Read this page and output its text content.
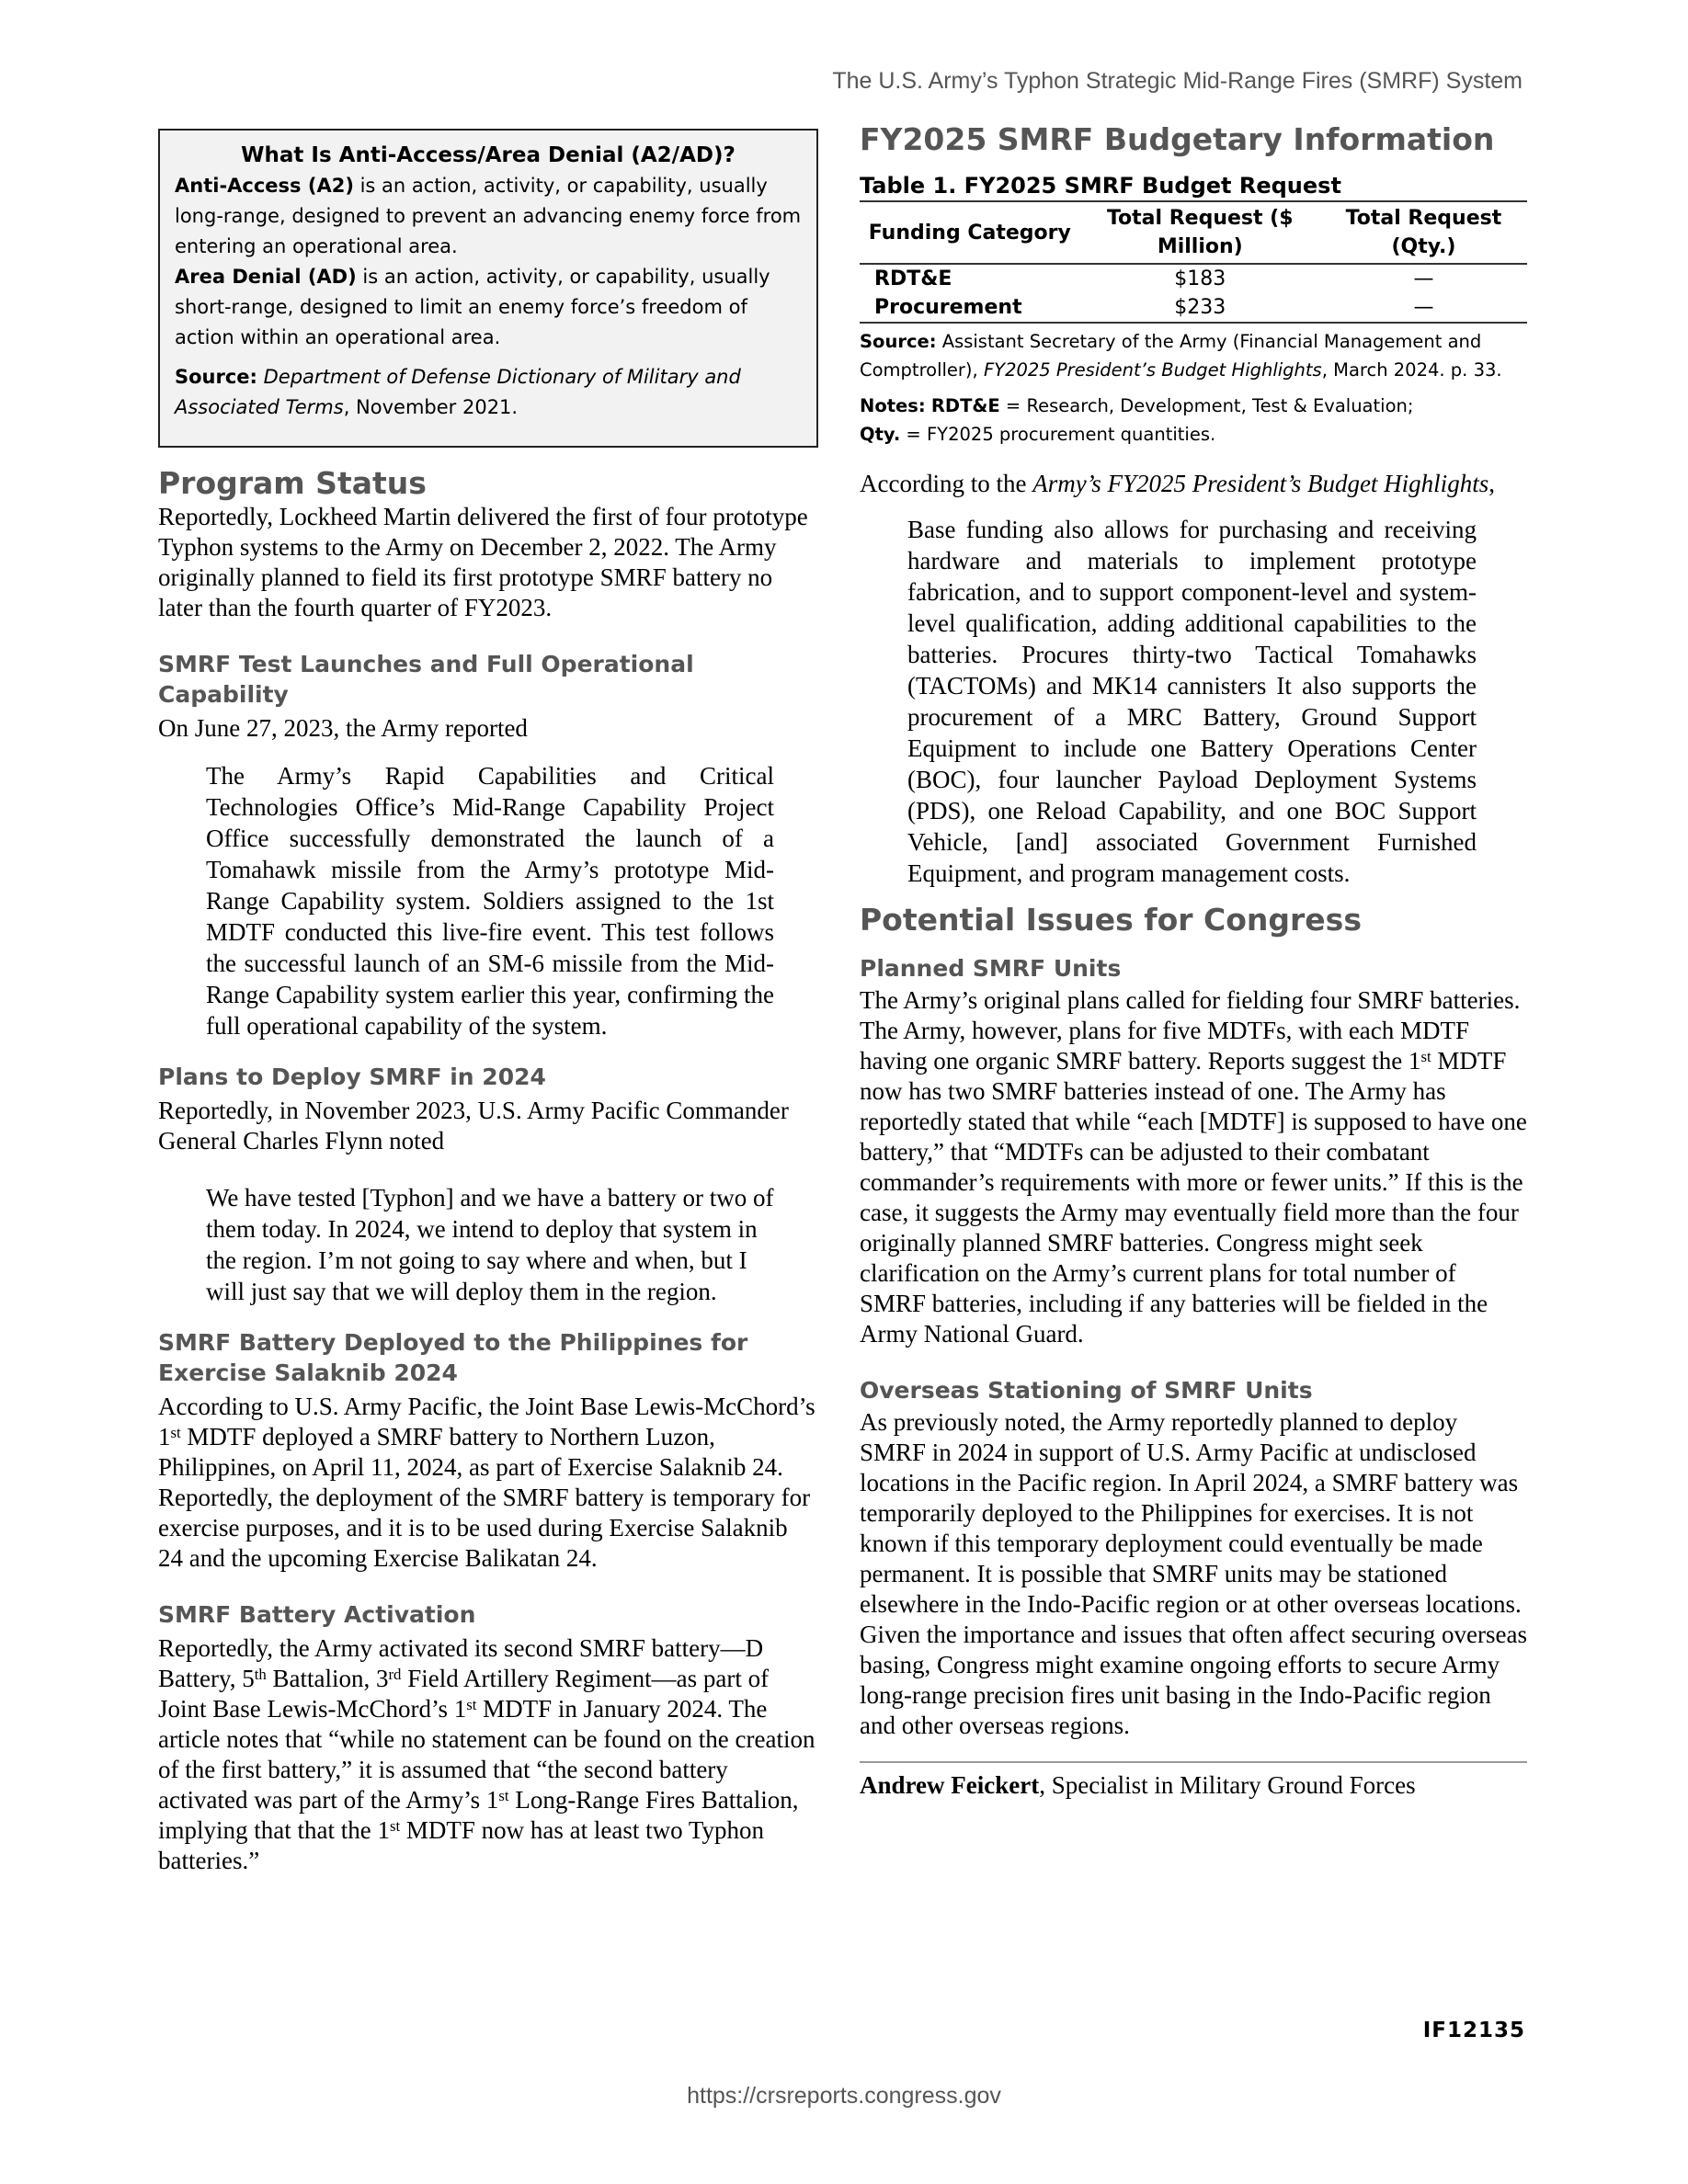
The U.S. Army’s Typhon Strategic Mid-Range Fires (SMRF) System
What Is Anti-Access/Area Denial (A2/AD)?

Anti-Access (A2) is an action, activity, or capability, usually long-range, designed to prevent an advancing enemy force from entering an operational area.

Area Denial (AD) is an action, activity, or capability, usually short-range, designed to limit an enemy force’s freedom of action within an operational area.

Source: Department of Defense Dictionary of Military and Associated Terms, November 2021.

Program Status

Reportedly, Lockheed Martin delivered the first of four prototype Typhon systems to the Army on December 2, 2022. The Army originally planned to field its first prototype SMRF battery no later than the fourth quarter of FY2023.

SMRF Test Launches and Full Operational Capability

On June 27, 2023, the Army reported

The Army’s Rapid Capabilities and Critical Technologies Office’s Mid-Range Capability Project Office successfully demonstrated the launch of a Tomahawk missile from the Army’s prototype Mid-Range Capability system. Soldiers assigned to the 1st MDTF conducted this live-fire event. This test follows the successful launch of an SM-6 missile from the Mid-Range Capability system earlier this year, confirming the full operational capability of the system.
Plans to Deploy SMRF in 2024

Reportedly, in November 2023, U.S. Army Pacific Commander General Charles Flynn noted

We have tested [Typhon] and we have a battery or two of them today. In 2024, we intend to deploy that system in the region. I’m not going to say where and when, but I will just say that we will deploy them in the region.
SMRF Battery Deployed to the Philippines for Exercise Salaknib 2024

According to U.S. Army Pacific, the Joint Base Lewis-McChord’s 1st MDTF deployed a SMRF battery to Northern Luzon, Philippines, on April 11, 2024, as part of Exercise Salaknib 24. Reportedly, the deployment of the SMRF battery is temporary for exercise purposes, and it is to be used during Exercise Salaknib 24 and the upcoming Exercise Balikatan 24.

SMRF Battery Activation

Reportedly, the Army activated its second SMRF battery—D Battery, 5th Battalion, 3rd Field Artillery Regiment—as part of Joint Base Lewis-McChord’s 1st MDTF in January 2024. The article notes that “while no statement can be found on the creation of the first battery,” it is assumed that “the second battery activated was part of the Army’s 1st Long-Range Fires Battalion, implying that that the 1st MDTF now has at least two Typhon batteries.”

FY2025 SMRF Budgetary Information
Table 1. FY2025 SMRF Budget Request
Funding Category	Total Request ($ Million)	Total Request (Qty.)
RDT&E	$183	—
Procurement	$233	—

Source: Assistant Secretary of the Army (Financial Management and Comptroller), FY2025 President’s Budget Highlights, March 2024. p. 33.

Notes: RDT&E = Research, Development, Test & Evaluation;
Qty. = FY2025 procurement quantities.

According to the Army’s FY2025 President’s Budget Highlights,

Base funding also allows for purchasing and receiving hardware and materials to implement prototype fabrication, and to support component-level and system-level qualification, adding additional capabilities to the batteries. Procures thirty-two Tactical Tomahawks (TACTOMs) and MK14 cannisters It also supports the procurement of a MRC Battery, Ground Support Equipment to include one Battery Operations Center (BOC), four launcher Payload Deployment Systems (PDS), one Reload Capability, and one BOC Support Vehicle, [and] associated Government Furnished Equipment, and program management costs.
Potential Issues for Congress
Planned SMRF Units

The Army’s original plans called for fielding four SMRF batteries. The Army, however, plans for five MDTFs, with each MDTF having one organic SMRF battery. Reports suggest the 1st MDTF now has two SMRF batteries instead of one. The Army has reportedly stated that while “each [MDTF] is supposed to have one battery,” that “MDTFs can be adjusted to their combatant commander’s requirements with more or fewer units.” If this is the case, it suggests the Army may eventually field more than the four originally planned SMRF batteries. Congress might seek clarification on the Army’s current plans for total number of SMRF batteries, including if any batteries will be fielded in the Army National Guard.

Overseas Stationing of SMRF Units

As previously noted, the Army reportedly planned to deploy SMRF in 2024 in support of U.S. Army Pacific at undisclosed locations in the Pacific region. In April 2024, a SMRF battery was temporarily deployed to the Philippines for exercises. It is not known if this temporary deployment could eventually be made permanent. It is possible that SMRF units may be stationed elsewhere in the Indo-Pacific region or at other overseas locations. Given the importance and issues that often affect securing overseas basing, Congress might examine ongoing efforts to secure Army long-range precision fires unit basing in the Indo-Pacific region and other overseas regions.

Andrew Feickert, Specialist in Military Ground Forces

IF12135
https://crsreports.congress.gov
